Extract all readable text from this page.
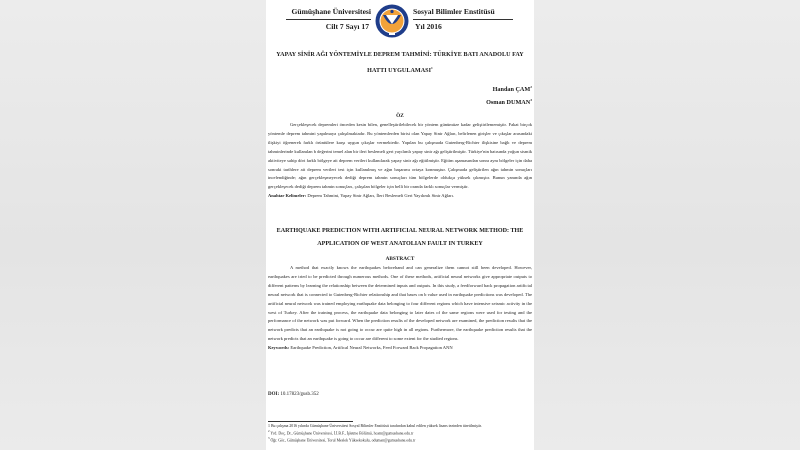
Gümüşhane Üniversitesi
Cilt 7 Sayı 17
Sosyal Bilimler Enstitüsü
Yıl 2016
YAPAY SİNİR AĞI YÖNTEMİYLE DEPREM TAHMİNİ: TÜRKİYE BATI ANADOLU FAY HATTI UYGULAMASI$^1$
Handan ÇAM$^2$
Osman DUMAN$^3$
ÖZ
Gerçekleşecek depremleri önceden kesin bilen, genelleştirilebilecek bir yöntem günümüze kadar geliştirilememiştir. Fakat birçok yöntemle deprem tahmini yapılmaya çalışılmaktadır. Bu yöntemlerden birisi olan Yapay Sinir Ağları, belirlenen girişler ve çıkışlar arasındaki ilişkiyi öğrenerek farklı örüntülere karşı uygun çıkışlar vermektedir. Yapılan bu çalışmada Gutenberg-Richter ilişkisine bağlı ve deprem tahminlerinde kullanılan b değerini temel alan bir ileri beslemeli geri yayılımlı yapay sinir ağı geliştirilmiştir. Türkiye'nin batısında yoğun sismik aktiviteye sahip dört farklı bölgeye ait deprem verileri kullanılarak yapay sinir ağı eğitilmiştir. Eğitim aşamasından sonra aynı bölgeler için daha sonraki tarihlere ait deprem verileri test için kullanılmış ve ağın başarımı ortaya konmuştur. Çalışmada geliştirilen ağın tahmin sonuçları incelendiğinde; ağın gerçekleşmeyecek dediği deprem tahmin sonuçları tüm bölgelerde oldukça yüksek çıkmıştır. Bunun yanında ağın gerçekleşecek dediği deprem tahmin sonuçları, çalışılan bölgeler için belli bir oranda farklı sonuçlar vermiştir.
Anahtar Kelimeler: Deprem Tahmini, Yapay Sinir Ağları, İleri Beslemeli Geri Yayılımlı Sinir Ağları.
EARTHQUAKE PREDICTION WITH ARTIFICIAL NEURAL NETWORK METHOD: THE APPLICATION OF WEST ANATOLIAN FAULT IN TURKEY
ABSTRACT
A method that exactly knows the earthquakes beforehand and can generalize them cannot still been developed. However, earthquakes are tried to be predicted through numerous methods. One of these methods, artificial neural networks give appropriate outputs to different patterns by learning the relationship between the determined inputs and outputs. In this study, a feedforward back propagation artificial neural network that is connected to Gutenberg-Richter relationship and that bases on b value used in earthquake predictions was developed. The artificial neural network was trained employing earthquake data belonging to four different regions which have intensive seismic activity in the west of Turkey. After the training process, the earthquake data belonging to later dates of the same regions were used for testing and the performance of the network was put forward. When the prediction results of the developed network are examined, the prediction results that the network predicts that an earthquake is not going to occur are quite high in all regions. Furthermore, the earthquake prediction results that the network predicts that an earthquake is going to occur are different to some extent for the studied regions.
Keywords: Earthquake Prediction, Artifical Neural Networks, Feed Forward Back Propagation ANN
DOI: 10.17823/gusb.352
1 Bu çalışma 2016 yılında Gümüşhane Üniversitesi Sosyal Bilimler Enstitüsü tarafından kabul edilen yüksek lisans tezinden türetilmiştir.
$^2$ Yrd. Doç. Dr., Gümüşhane Üniversitesi, İ.İ.B.F., İşletme Bölümü, hcam@gumushane.edu.tr
$^3$ Öğr. Gör., Gümüşhane Üniversitesi, Torul Meslek Yüksekokulu, oduman@gumushane.edu.tr
